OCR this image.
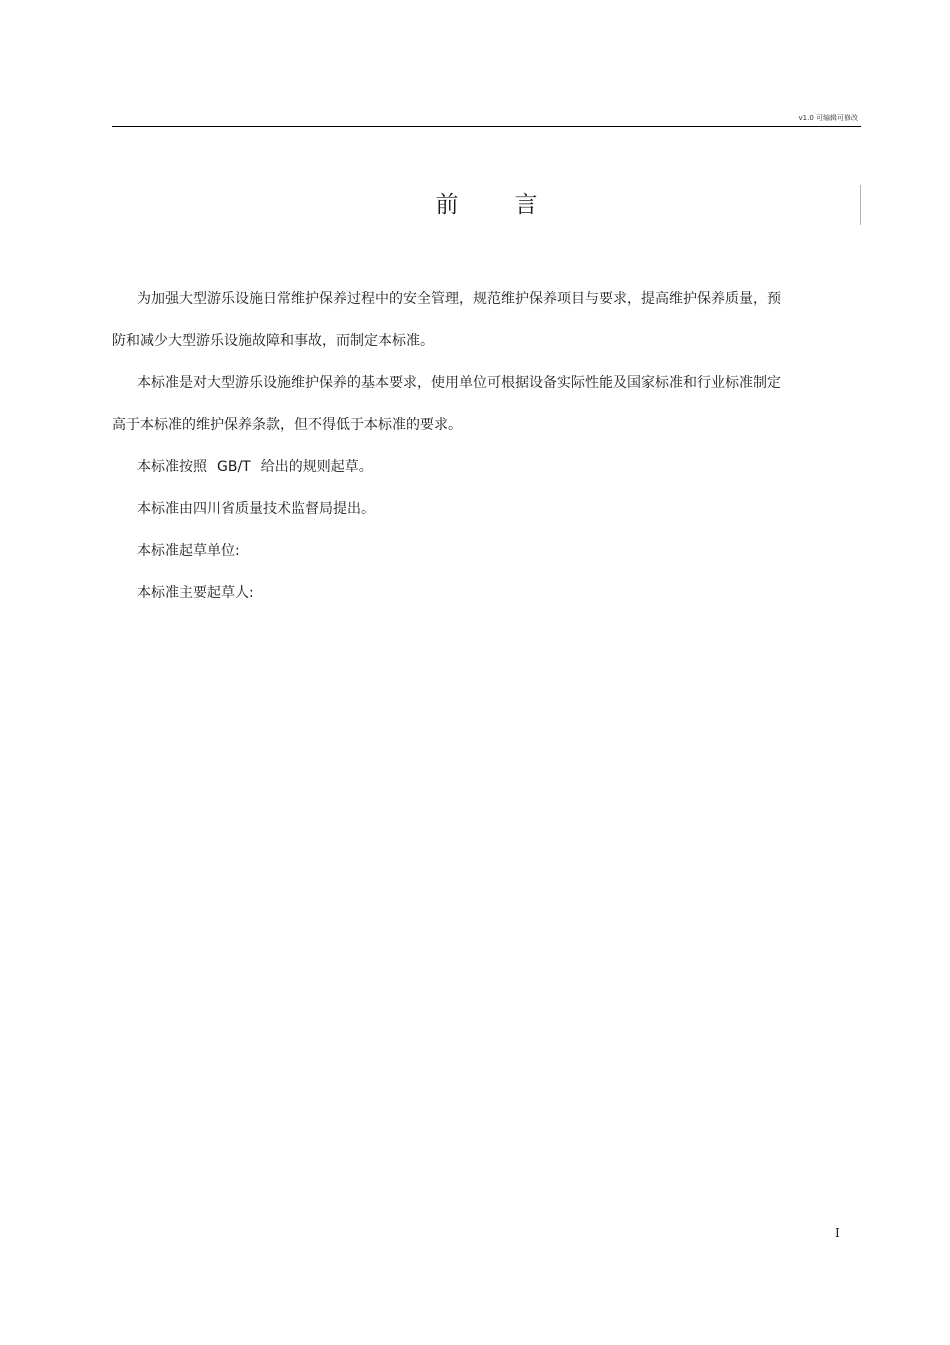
v1.0 可编辑可修改
前言

为加强大型游乐设施日常维护保养过程中的安全管理，规范维护保养项目与要求，提高维护保养质量，预防和减少大型游乐设施故障和事故，而制定本标准。

本标准是对大型游乐设施维护保养的基本要求，使用单位可根据设备实际性能及国家标准和行业标准制定高于本标准的维护保养条款，但不得低于本标准的要求。

本标准按照 GB/T 给出的规则起草。

本标准由四川省质量技术监督局提出。

本标准起草单位:

本标准主要起草人:

I
